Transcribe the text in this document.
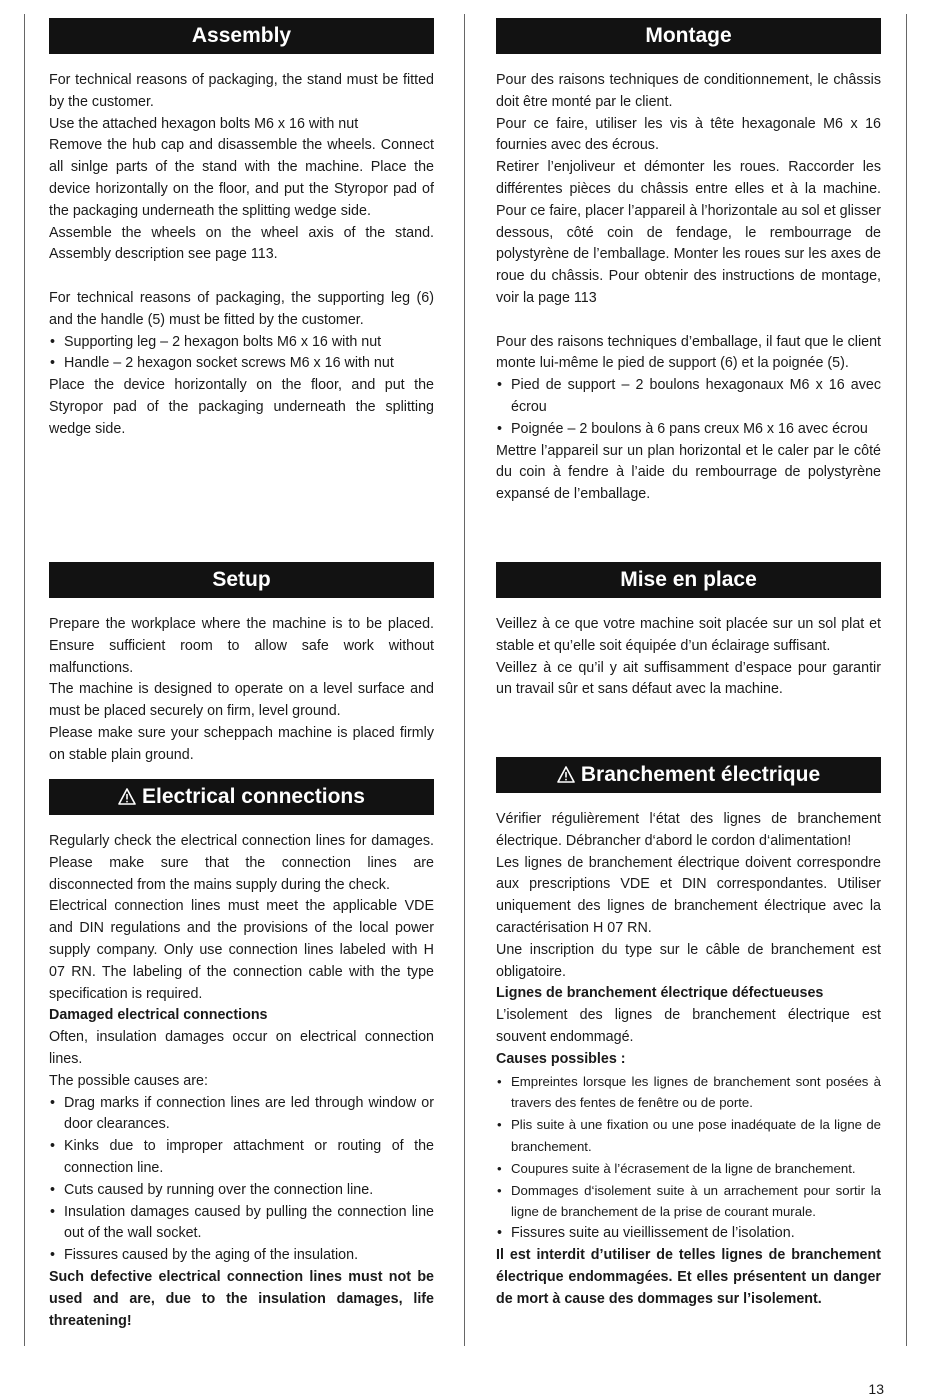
Assembly

For technical reasons of packaging, the stand must be fitted by the customer.

Use the attached hexagon bolts M6 x 16 with nut

Remove the hub cap and disassemble the wheels. Connect all sinlge parts of the stand with the machine. Place the device horizontally on the floor, and put the Styropor pad of the packaging underneath the splitting wedge side.

Assemble the wheels on the wheel axis of the stand. Assembly description see page 113.

For technical reasons of packaging, the supporting leg (6) and the handle (5) must be fitted by the customer.

• Supporting leg – 2 hexagon bolts M6 x 16 with nut
• Handle – 2 hexagon socket screws M6 x 16 with nut

Place the device horizontally on the floor, and put the Styropor pad of the packaging underneath the splitting wedge side.

Setup

Prepare the workplace where the machine is to be placed. Ensure sufficient room to allow safe work without malfunctions.

The machine is designed to operate on a level surface and must be placed securely on firm, level ground.

Please make sure your scheppach machine is placed firmly on stable plain ground.

Electrical connections

Regularly check the electrical connection lines for damages. Please make sure that the connection lines are disconnected from the mains supply during the check.

Electrical connection lines must meet the applicable VDE and DIN regulations and the provisions of the local power supply company. Only use connection lines labeled with H 07 RN. The labeling of the connection cable with the type specification is required.

Damaged electrical connections

Often, insulation damages occur on electrical connection lines.

The possible causes are:

• Drag marks if connection lines are led through window or door clearances.
• Kinks due to improper attachment or routing of the connection line.
• Cuts caused by running over the connection line.
• Insulation damages caused by pulling the connection line out of the wall socket.
• Fissures caused by the aging of the insulation.

Such defective electrical connection lines must not be used and are, due to the insulation damages, life threatening!

Montage

Pour des raisons techniques de conditionnement, le châssis doit être monté par le client.

Pour ce faire, utiliser les vis à tête hexagonale M6 x 16 fournies avec des écrous.

Retirer l’enjoliveur et démonter les roues. Raccorder les différentes pièces du châssis entre elles et à la machine. Pour ce faire, placer l’appareil à l’horizontale au sol et glisser dessous, côté coin de fendage, le rembourrage de polystyrène de l’emballage. Monter les roues sur les axes de roue du châssis. Pour obtenir des instructions de montage, voir la page 113

Pour des raisons techniques d’emballage, il faut que le client monte lui-même le pied de support (6) et la poignée (5).

• Pied de support – 2 boulons hexagonaux M6 x 16 avec écrou
• Poignée – 2 boulons à 6 pans creux M6 x 16 avec écrou

Mettre l’appareil sur un plan horizontal et le caler par le côté du coin à fendre à l’aide du rembourrage de polystyrène expansé de l’emballage.

Mise en place

Veillez à ce que votre machine soit placée sur un sol plat et stable et qu’elle soit équipée d’un éclairage suffisant.

Veillez à ce qu’il y ait suffisamment d’espace pour garantir un travail sûr et sans défaut avec la machine.

Branchement électrique

Vérifier régulièrement l‘état des lignes de branchement électrique. Débrancher d‘abord le cordon d‘alimentation!

Les lignes de branchement électrique doivent correspondre aux prescriptions VDE et DIN correspondantes. Utiliser uniquement des lignes de branchement électrique avec la caractérisation H 07 RN.

Une inscription du type sur le câble de branchement est obligatoire.

Lignes de branchement électrique défectueuses

L’isolement des lignes de branchement électrique est souvent endommagé.

Causes possibles :

• Empreintes lorsque les lignes de branchement sont posées à travers des fentes de fenêtre ou de porte.
• Plis suite à une fixation ou une pose inadéquate de la ligne de branchement.
• Coupures suite à l’écrasement de la ligne de branchement.
• Dommages d‘isolement suite à un arrachement pour sortir la ligne de branchement de la prise de courant murale.
• Fissures suite au vieillissement de l’isolation.

Il est interdit d’utiliser de telles lignes de branchement électrique endommagées. Et elles présentent un danger de mort à cause des dommages sur l’isolement.

13
